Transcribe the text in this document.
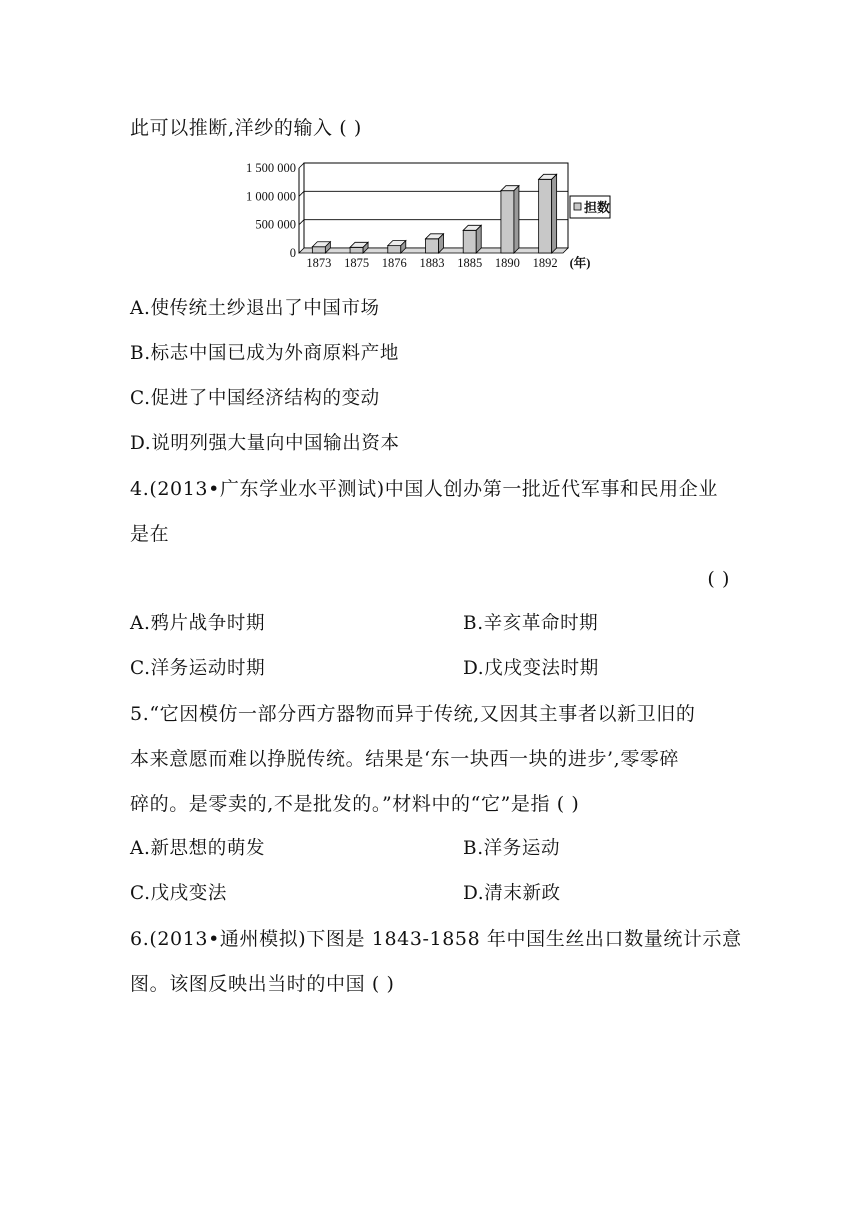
此可以推断,洋纱的输入 ( )
0
500 000
1 000 000
1 500 000
1873 1875 1876 1883 1885 1890 1892 (年)
担数
A.使传统土纱退出了中国市场
B.标志中国已成为外商原料产地
C.促进了中国经济结构的变动
D.说明列强大量向中国输出资本
4.(2013•广东学业水平测试)中国人创办第一批近代军事和民用企业
是在
( )
A.鸦片战争时期	B.辛亥革命时期
C.洋务运动时期	D.戊戌变法时期
5.“它因模仿一部分西方器物而异于传统,又因其主事者以新卫旧的
本来意愿而难以挣脱传统。结果是‘东一块西一块的进步’,零零碎
碎的。是零卖的,不是批发的。”材料中的“它”是指 ( )
A.新思想的萌发	B.洋务运动
C.戊戌变法	D.清末新政
6.(2013•通州模拟)下图是 1843-1858 年中国生丝出口数量统计示意
图。该图反映出当时的中国 ( )
